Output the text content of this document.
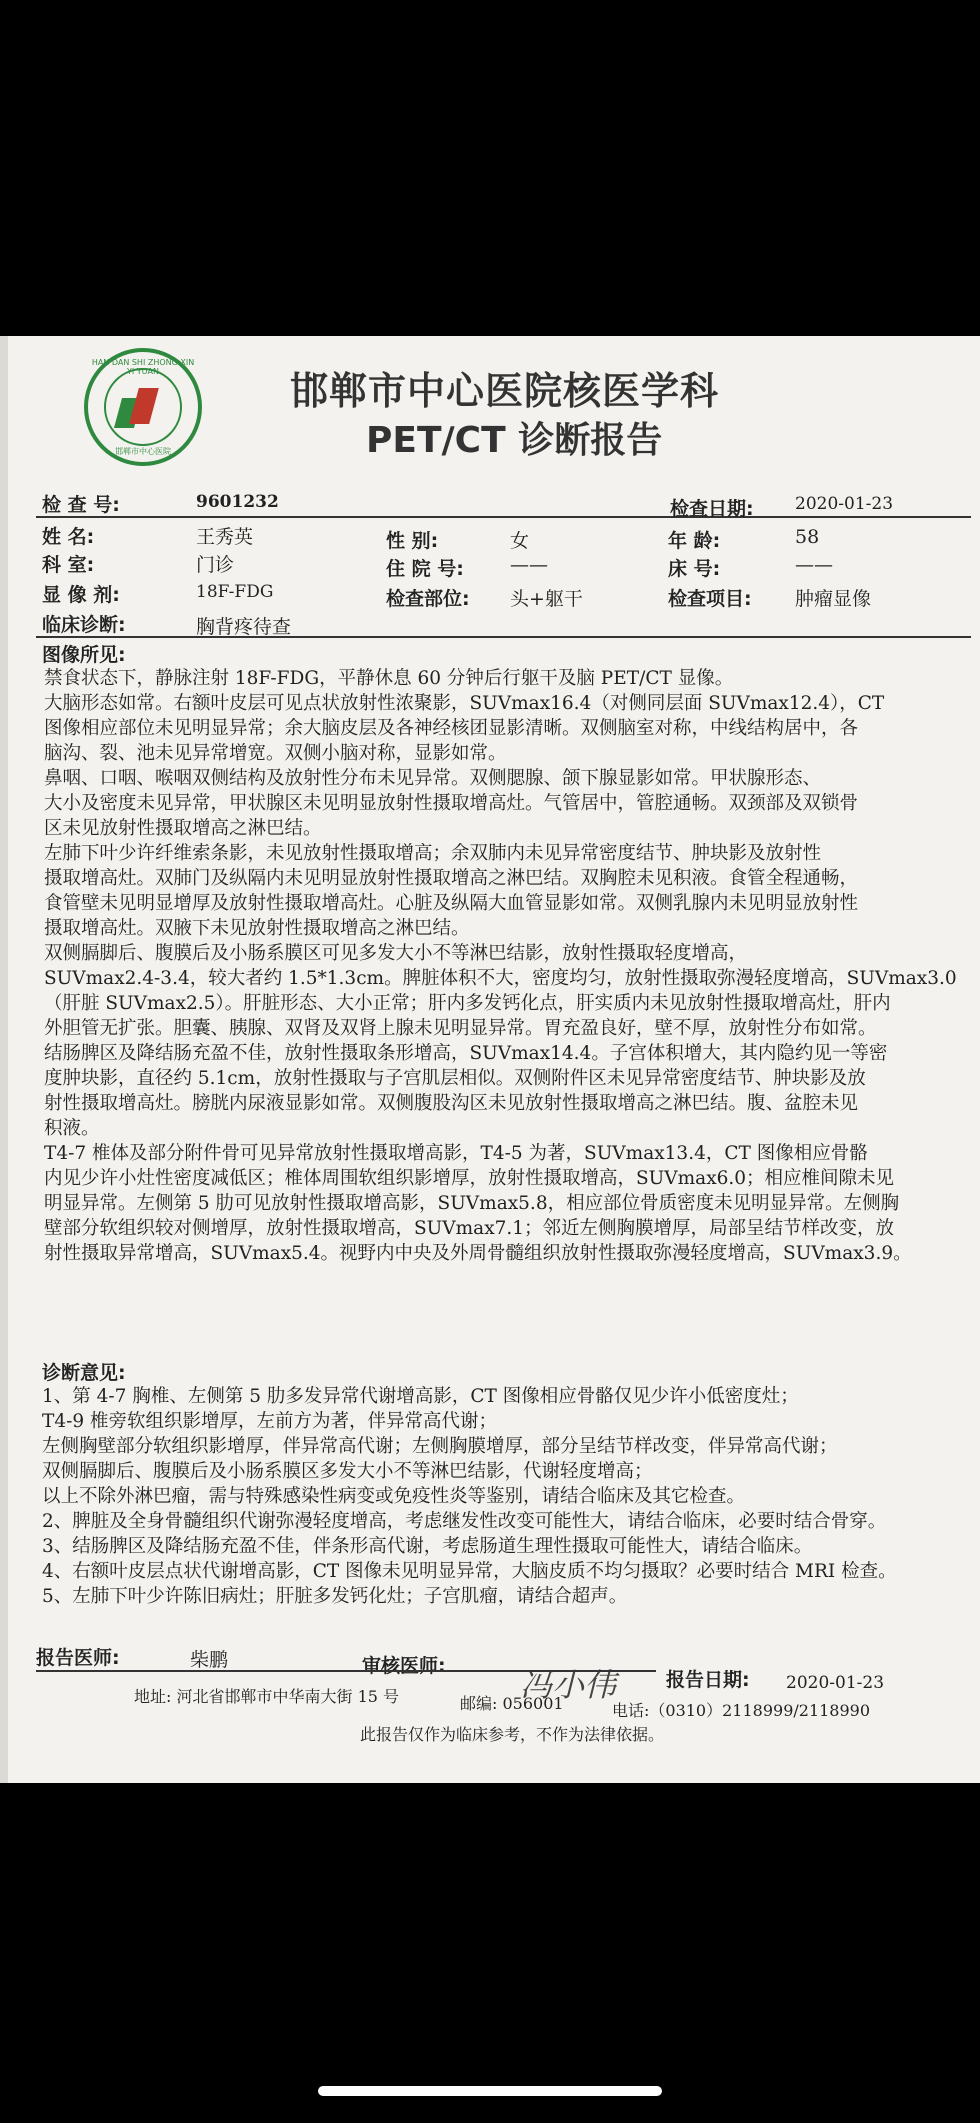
HAN DAN SHI ZHONG XIN YI YUAN
邯郸市中心医院
邯郸市中心医院核医学科
PET/CT 诊断报告
检 查 号:	9601232	检查日期: 2020-01-23
姓 名:	王秀英	性 别:	女	年 龄:	58
科 室:	门诊	住 院 号: ——	床 号:	——
显 像 剂:	18F-FDG	检查部位: 头+躯干	检查项目: 肿瘤显像
临床诊断:	胸背疼待查
图像所见:

禁食状态下，静脉注射 18F-FDG，平静休息 60 分钟后行躯干及脑 PET/CT 显像。

大脑形态如常。右额叶皮层可见点状放射性浓聚影，SUVmax16.4（对侧同层面 SUVmax12.4），CT

图像相应部位未见明显异常；余大脑皮层及各神经核团显影清晰。双侧脑室对称，中线结构居中，各

脑沟、裂、池未见异常增宽。双侧小脑对称，显影如常。

鼻咽、口咽、喉咽双侧结构及放射性分布未见异常。双侧腮腺、颌下腺显影如常。甲状腺形态、

大小及密度未见异常，甲状腺区未见明显放射性摄取增高灶。气管居中，管腔通畅。双颈部及双锁骨

区未见放射性摄取增高之淋巴结。

左肺下叶少许纤维索条影，未见放射性摄取增高；余双肺内未见异常密度结节、肿块影及放射性

摄取增高灶。双肺门及纵隔内未见明显放射性摄取增高之淋巴结。双胸腔未见积液。食管全程通畅，

食管壁未见明显增厚及放射性摄取增高灶。心脏及纵隔大血管显影如常。双侧乳腺内未见明显放射性

摄取增高灶。双腋下未见放射性摄取增高之淋巴结。

双侧膈脚后、腹膜后及小肠系膜区可见多发大小不等淋巴结影，放射性摄取轻度增高，

SUVmax2.4-3.4，较大者约 1.5*1.3cm。脾脏体积不大，密度均匀，放射性摄取弥漫轻度增高，SUVmax3.0

（肝脏 SUVmax2.5）。肝脏形态、大小正常；肝内多发钙化点，肝实质内未见放射性摄取增高灶，肝内

外胆管无扩张。胆囊、胰腺、双肾及双肾上腺未见明显异常。胃充盈良好，壁不厚，放射性分布如常。

结肠脾区及降结肠充盈不佳，放射性摄取条形增高，SUVmax14.4。子宫体积增大，其内隐约见一等密

度肿块影，直径约 5.1cm，放射性摄取与子宫肌层相似。双侧附件区未见异常密度结节、肿块影及放

射性摄取增高灶。膀胱内尿液显影如常。双侧腹股沟区未见放射性摄取增高之淋巴结。腹、盆腔未见

积液。

T4-7 椎体及部分附件骨可见异常放射性摄取增高影，T4-5 为著，SUVmax13.4，CT 图像相应骨骼

内见少许小灶性密度减低区；椎体周围软组织影增厚，放射性摄取增高，SUVmax6.0；相应椎间隙未见

明显异常。左侧第 5 肋可见放射性摄取增高影，SUVmax5.8，相应部位骨质密度未见明显异常。左侧胸

壁部分软组织较对侧增厚，放射性摄取增高，SUVmax7.1；邻近左侧胸膜增厚，局部呈结节样改变，放

射性摄取异常增高，SUVmax5.4。视野内中央及外周骨髓组织放射性摄取弥漫轻度增高，SUVmax3.9。

诊断意见:

1、第 4-7 胸椎、左侧第 5 肋多发异常代谢增高影，CT 图像相应骨骼仅见少许小低密度灶；

T4-9 椎旁软组织影增厚，左前方为著，伴异常高代谢；

左侧胸壁部分软组织影增厚，伴异常高代谢；左侧胸膜增厚，部分呈结节样改变，伴异常高代谢；

双侧膈脚后、腹膜后及小肠系膜区多发大小不等淋巴结影，代谢轻度增高；

以上不除外淋巴瘤，需与特殊感染性病变或免疫性炎等鉴别，请结合临床及其它检查。

2、脾脏及全身骨髓组织代谢弥漫轻度增高，考虑继发性改变可能性大，请结合临床，必要时结合骨穿。

3、结肠脾区及降结肠充盈不佳，伴条形高代谢，考虑肠道生理性摄取可能性大，请结合临床。

4、右额叶皮层点状代谢增高影，CT 图像未见明显异常，大脑皮质不均匀摄取？必要时结合 MRI 检查。

5、左肺下叶少许陈旧病灶；肝脏多发钙化灶；子宫肌瘤，请结合超声。

报告医师:	柴鹏	审核医师: 冯小伟	报告日期: 2020-01-23
地址: 河北省邯郸市中华南大街 15 号	邮编: 056001	电话:（0310）2118999/2118990
此报告仅作为临床参考，不作为法律依据。
